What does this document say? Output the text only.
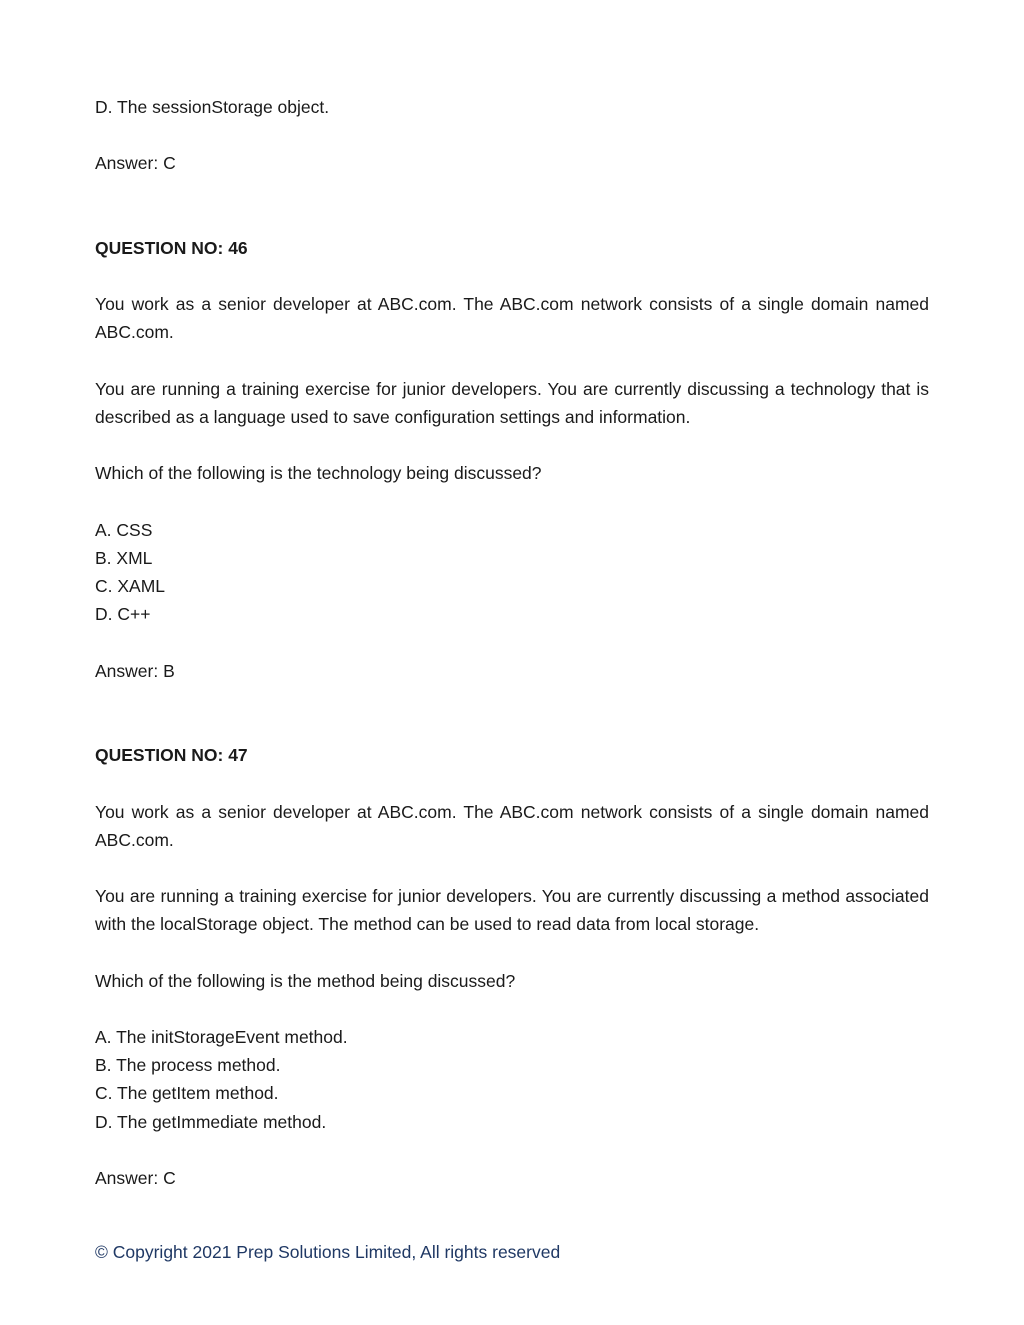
D. The sessionStorage object.
Answer: C
QUESTION NO: 46
You work as a senior developer at ABC.com. The ABC.com network consists of a single domain named ABC.com.
You are running a training exercise for junior developers. You are currently discussing a technology that is described as a language used to save configuration settings and information.
Which of the following is the technology being discussed?
A. CSS
B. XML
C. XAML
D. C++
Answer: B
QUESTION NO: 47
You work as a senior developer at ABC.com. The ABC.com network consists of a single domain named ABC.com.
You are running a training exercise for junior developers. You are currently discussing a method associated with the localStorage object. The method can be used to read data from local storage.
Which of the following is the method being discussed?
A. The initStorageEvent method.
B. The process method.
C. The getItem method.
D. The getImmediate method.
Answer: C
© Copyright 2021 Prep Solutions Limited, All rights reserved
